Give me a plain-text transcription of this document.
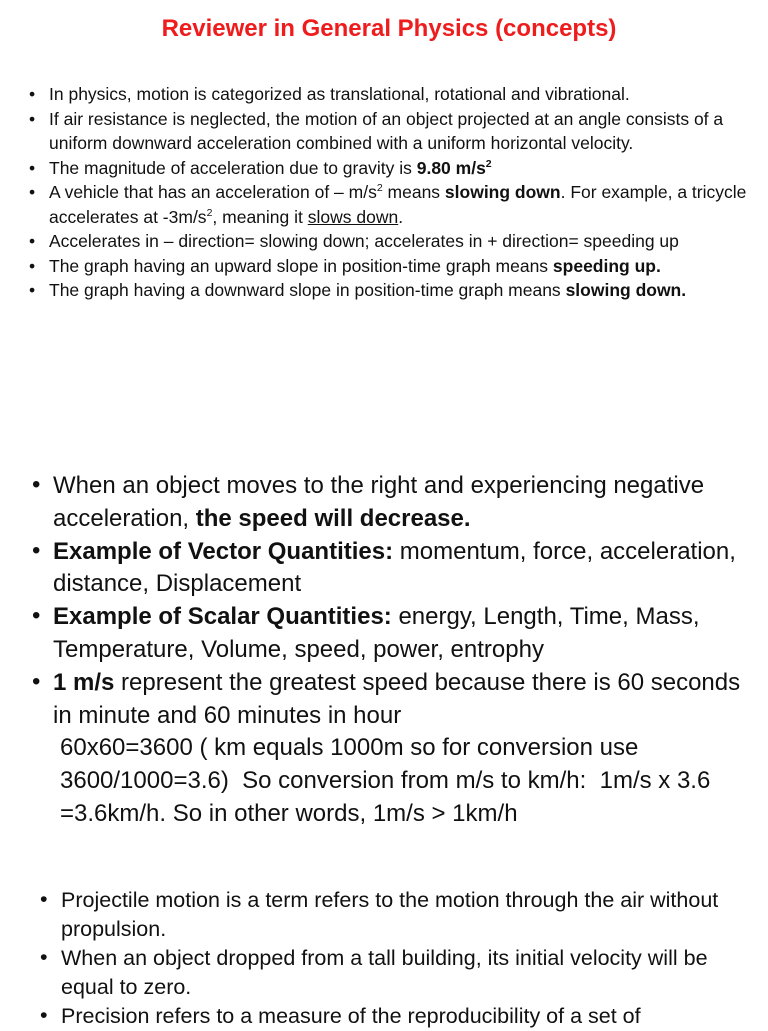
Reviewer in General Physics (concepts)
• In physics, motion is categorized as translational, rotational and vibrational.
• If air resistance is neglected, the motion of an object projected at an angle consists of a uniform downward acceleration combined with a uniform horizontal velocity.
• The magnitude of acceleration due to gravity is 9.80 $m/s^2$
• A vehicle that has an acceleration of – $m/s^2$ means slowing down. For example, a tricycle accelerates at $-3m/s^2$, meaning it slows down.
• Accelerates in – direction= slowing down; accelerates in + direction= speeding up
• The graph having an upward slope in position-time graph means speeding up.
• The graph having a downward slope in position-time graph means slowing down.
• When an object moves to the right and experiencing negative acceleration, the speed will decrease.
• Example of Vector Quantities: momentum, force, acceleration, distance, Displacement
• Example of Scalar Quantities: energy, Length, Time, Mass, Temperature, Volume, speed, power, entrophy
• 1 m/s represent the greatest speed because there is 60 seconds in minute and 60 minutes in hour
60x60=3600 ( km equals 1000m so for conversion use 3600/1000=3.6)  So conversion from m/s to km/h:  1m/s x 3.6 =3.6km/h. So in other words, 1m/s > 1km/h
• Projectile motion is a term refers to the motion through the air without propulsion.
• When an object dropped from a tall building, its initial velocity will be equal to zero.
• Precision refers to a measure of the reproducibility of a set of
